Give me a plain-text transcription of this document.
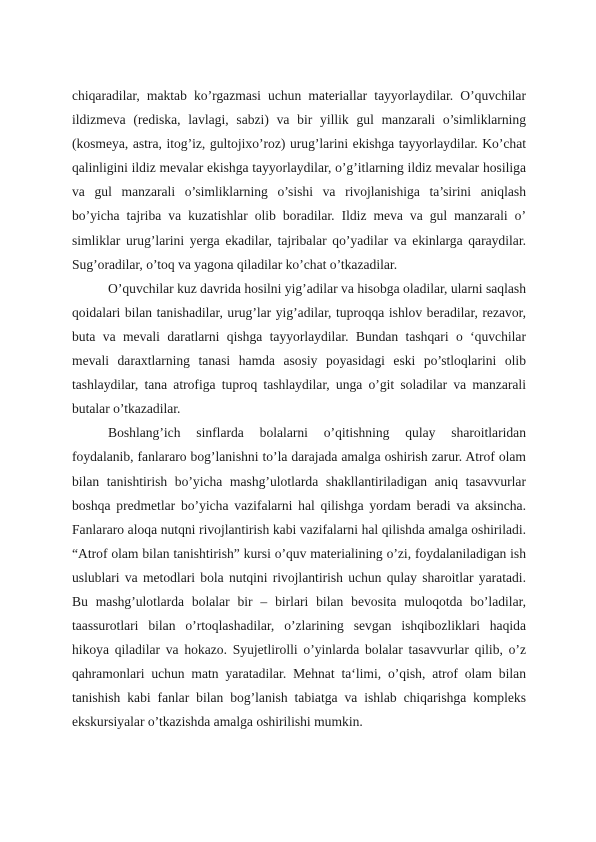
chiqaradilar, maktab ko’rgazmasi uchun materiallar tayyorlaydilar. O’quvchilar ildizmeva (rediska, lavlagi, sabzi) va bir yillik gul manzarali o’simliklarning (kosmeya, astra, itog’iz, gultojixo’roz) urug’larini ekishga tayyorlaydilar. Ko’chat qalinligini ildiz mevalar ekishga tayyorlaydilar, o’g’itlarning ildiz mevalar hosiliga va gul manzarali o’simliklarning o’sishi va rivojlanishiga ta’sirini aniqlash bo’yicha tajriba va kuzatishlar olib boradilar. Ildiz meva va gul manzarali o’ simliklar urug’larini yerga ekadilar, tajribalar qo’yadilar va ekinlarga qaraydilar. Sug’oradilar, o’toq va yagona qiladilar ko’chat o’tkazadilar.

O’quvchilar kuz davrida hosilni yig’adilar va hisobga oladilar, ularni saqlash qoidalari bilan tanishadilar, urug’lar yig’adilar, tuproqqa ishlov beradilar, rezavor, buta va mevali daratlarni qishga tayyorlaydilar. Bundan tashqari o ‘quvchilar mevali daraxtlarning tanasi hamda asosiy poyasidagi eski po’stloqlarini olib tashlaydilar, tana atrofiga tuproq tashlaydilar, unga o’git soladilar va manzarali butalar o’tkazadilar.

Boshlang’ich sinflarda bolalarni o’qitishning qulay sharoitlaridan foydalanib, fanlararo bog’lanishni to’la darajada amalga oshirish zarur. Atrof olam bilan tanishtirish bo’yicha mashg’ulotlarda shakllantiriladigan aniq tasavvurlar boshqa predmetlar bo’yicha vazifalarni hal qilishga yordam beradi va aksincha. Fanlararo aloqa nutqni rivojlantirish kabi vazifalarni hal qilishda amalga oshiriladi. “Atrof olam bilan tanishtirish” kursi o’quv materialining o’zi, foydalaniladigan ish uslublari va metodlari bola nutqini rivojlantirish uchun qulay sharoitlar yaratadi. Bu mashg’ulotlarda bolalar bir – birlari bilan bevosita muloqotda bo’ladilar, taassurotlari bilan o’rtoqlashadilar, o’zlarining sevgan ishqibozliklari haqida hikoya qiladilar va hokazo. Syujetlirolli o’yinlarda bolalar tasavvurlar qilib, o’z qahramonlari uchun matn yaratadilar. Mehnat ta‘limi, o’qish, atrof olam bilan tanishish kabi fanlar bilan bog’lanish tabiatga va ishlab chiqarishga kompleks ekskursiyalar o’tkazishda amalga oshirilishi mumkin.
